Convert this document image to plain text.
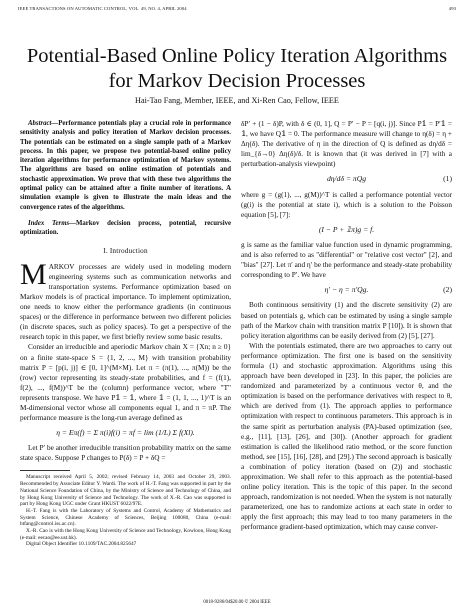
IEEE TRANSACTIONS ON AUTOMATIC CONTROL, VOL. 49, NO. 4, APRIL 2004	493
Potential-Based Online Policy Iteration Algorithms
for Markov Decision Processes
Hai-Tao Fang, Member, IEEE, and Xi-Ren Cao, Fellow, IEEE

Abstract—Performance potentials play a crucial role in performance sensitivity analysis and policy iteration of Markov decision processes. The potentials can be estimated on a single sample path of a Markov process. In this paper, we propose two potential-based online policy iteration algorithms for performance optimization of Markov systems. The algorithms are based on online estimation of potentials and stochastic approximation. We prove that with these two algorithms the optimal policy can be attained after a finite number of iterations. A simulation example is given to illustrate the main ideas and the convergence rates of the algorithms.

Index Terms—Markov decision process, potential, recursive optimization.

I. Introduction

MARKOV processes are widely used in modeling modern engineering systems such as communication networks and transportation systems. Performance optimization based on Markov models is of practical importance. To implement optimization, one needs to know either the performance gradients (in continuous spaces) or the difference in performance between two different policies (in discrete spaces, such as policy spaces). To get a perspective of the research topic in this paper, we first briefly review some basic results.

Consider an irreducible and aperiodic Markov chain X = {Xn; n ≥ 0} on a finite state-space S = {1, 2, ..., M} with transition probability matrix P = [p(i, j)] ∈ [0, 1]^(M×M). Let π = (π(1), ..., π(M)) be the (row) vector representing its steady-state probabilities, and f = (f(1), f(2), ..., f(M))^T be the (column) performance vector, where "T" represents transpose. We have P𝟙 = 𝟙, where 𝟙 = (1, 1, ..., 1)^T is an M-dimensional vector whose all components equal 1, and π = πP. The performance measure is the long-run average defined as

η = Eπ(f) = Σ π(i)f(i) = πf = lim (1/L) Σ f(Xl).

Let P′ be another irreducible transition probability matrix on the same state space. Suppose P changes to P(δ) = P + δQ =

Manuscript received April 5, 2002; revised February 14, 2003 and October 29, 2003. Recommended by Associate Editor Y. Wardi. The work of H.-T. Fang was supported in part by the National Science Foundation of China, by the Ministry of Science and Technology of China, and by Hong Kong University of Science and Technology. The work of X.-R. Cao was supported in part by Hong Kong UGC under Grant HKUST 6022/97E.

H.-T. Fang is with the Laboratory of Systems and Control, Academy of Mathematics and System Science, Chinese Academy of Sciences, Beijing 100080, China (e-mail: htfang@control.iss.ac.cn).

X.-R. Cao is with the Hong Kong University of Science and Technology, Kowloon, Hong Kong (e-mail: eecao@ee.ust.hk).

Digital Object Identifier 10.1109/TAC.2004.825647

δP′ + (1 − δ)P, with δ ∈ (0, 1], Q = P′ − P = [q(i, j)]. Since P𝟙 = P′𝟙 = 𝟙, we have Q𝟙 = 0. The performance measure will change to η(δ) = η + Δη(δ). The derivative of η in the direction of Q is defined as dη/dδ = lim_{δ→0} Δη(δ)/δ. It is known that (it was derived in [7] with a perturbation-analysis viewpoint)

dη/dδ = πQg	(1)

where g = (g(1), ..., g(M))^T is called a performance potential vector (g(i) is the potential at state i), which is a solution to the Poisson equation [5], [7]:

(I − P + 𝟙π)g = f.

g is same as the familiar value function used in dynamic programming, and is also referred to as "differential" or "relative cost vector" [2], and "bias" [27]. Let π′ and η′ be the performance and steady-state probability corresponding to P′. We have

η′ − η = π′Qg.	(2)

Both continuous sensitivity (1) and the discrete sensitivity (2) are based on potentials g, which can be estimated by using a single sample path of the Markov chain with transition matrix P [10]). It is shown that policy iteration algorithms can be easily derived from (2) [5], [27].

With the potentials estimated, there are two approaches to carry out performance optimization. The first one is based on the sensitivity formula (1) and stochastic approximation. Algorithms using this approach have been developed in [23]. In this paper, the policies are randomized and parameterized by a continuous vector θ, and the optimization is based on the performance derivatives with respect to θ, which are derived from (1). The approach applies to performance optimization with respect to continuous parameters. This approach is in the same spirit as perturbation analysis (PA)-based optimization (see, e.g., [11], [13], [26], and [30]). (Another approach for gradient estimation is called the likelihood ratio method, or the score function method, see [15], [16], [28], and [29].) The second approach is basically a combination of policy iteration (based on (2)) and stochastic approximation. We shall refer to this approach as the potential-based online policy iteration. This is the topic of this paper. In the second approach, randomization is not needed. When the system is not naturally parameterized, one has to randomize actions at each state in order to apply the first approach; this may lead to too many parameters in the performance gradient-based optimization, which may cause conver-

0018-9286/04$20.00 © 2004 IEEE
